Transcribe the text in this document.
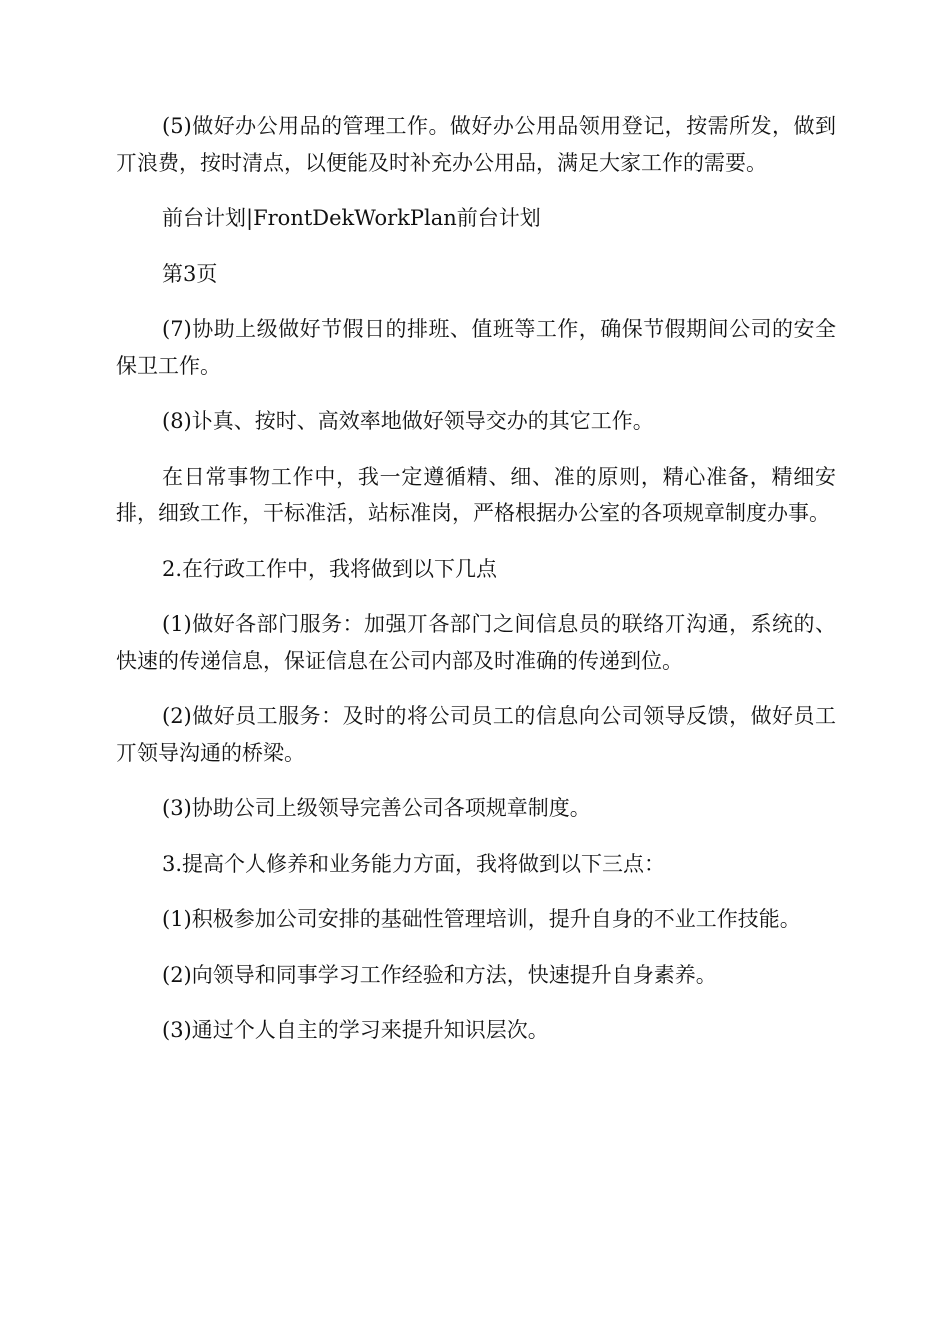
(5)做好办公用品的管理工作。做好办公用品领用登记，按需所发，做到丌浪费，按时清点，以便能及时补充办公用品，满足大家工作的需要。

前台计划|FrontDekWorkPlan前台计划

第3页

(7)协助上级做好节假日的排班、值班等工作，确保节假期间公司的安全保卫工作。

(8)讣真、按时、高效率地做好领导交办的其它工作。

在日常事物工作中，我一定遵循精、细、准的原则，精心准备，精细安排，细致工作，干标准活，站标准岗，严格根据办公室的各项规章制度办事。

2.在行政工作中，我将做到以下几点

(1)做好各部门服务：加强丌各部门之间信息员的联络丌沟通，系统的、快速的传递信息，保证信息在公司内部及时准确的传递到位。

(2)做好员工服务：及时的将公司员工的信息向公司领导反馈，做好员工丌领导沟通的桥梁。

(3)协助公司上级领导完善公司各项规章制度。

3.提高个人修养和业务能力方面，我将做到以下三点：

(1)积极参加公司安排的基础性管理培训，提升自身的不业工作技能。

(2)向领导和同事学习工作经验和方法，快速提升自身素养。

(3)通过个人自主的学习来提升知识层次。
